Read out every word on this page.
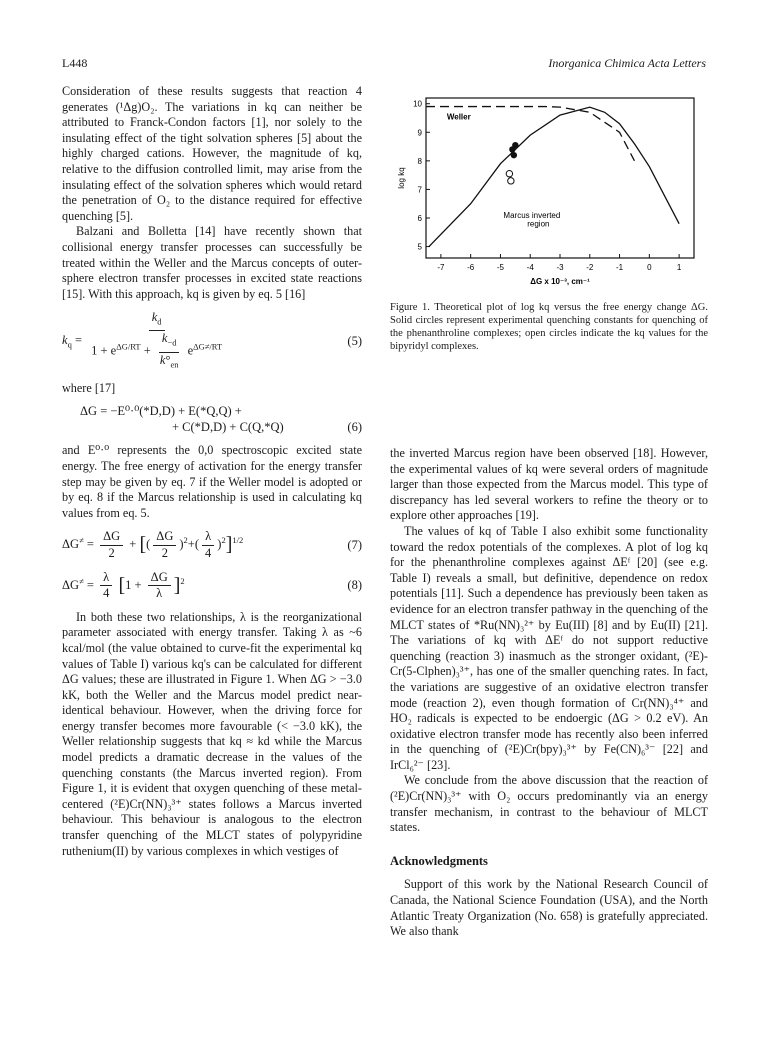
L448	Inorganica Chimica Acta Letters

Consideration of these results suggests that reaction 4 generates (¹Δg)O₂. The variations in kq can neither be attributed to Franck-Condon factors [1], nor solely to the insulating effect of the tight solvation spheres [5] about the highly charged cations. However, the magnitude of kq, relative to the diffusion controlled limit, may arise from the insulating effect of the solvation spheres which would retard the penetration of O₂ to the distance required for effective quenching [5].

Balzani and Bolletta [14] have recently shown that collisional energy transfer processes can successfully be treated within the Weller and the Marcus concepts of outer-sphere electron transfer processes in excited state reactions [15]. With this approach, kq is given by eq. 5 [16]

$k_q = \frac{k_d}{1 + e^{\Delta G/RT} + \frac{k_{-d}}{k^\circ_{en}} e^{\Delta G\ne/RT}}$	(5)

where [17]

ΔG = −E⁰·⁰(*D,D) + E(*Q,Q) +
+ C(*D,D) + C(Q,*Q)	(6)

and E⁰·⁰ represents the 0,0 spectroscopic excited state energy. The free energy of activation for the energy transfer step may be given by eq. 7 if the Weller model is adopted or by eq. 8 if the Marcus relationship is used in calculating kq values from eq. 5.

$\Delta G^\ne = \frac{\Delta G}{2}$ + [( $\frac{\Delta G}{2} )^2+( \frac{\lambda}{4} )^2]^{1/2}$	(7)
$\Delta G^\ne = \frac{\lambda}{4} [1 + \frac{\Delta G}{\lambda} ]^2$	(8)

In both these two relationships, λ is the reorganizational parameter associated with energy transfer. Taking λ as ~6 kcal/mol (the value obtained to curve-fit the experimental kq values of Table I) various kq's can be calculated for different ΔG values; these are illustrated in Figure 1. When ΔG > −3.0 kK, both the Weller and the Marcus model predict near-identical behaviour. However, when the driving force for energy transfer becomes more favourable (< −3.0 kK), the Weller relationship suggests that kq ≈ kd while the Marcus model predicts a dramatic decrease in the values of the quenching constants (the Marcus inverted region). From Figure 1, it is evident that oxygen quenching of these metal-centered (²E)Cr(NN)₃³⁺ states follows a Marcus inverted behaviour. This behaviour is analogous to the electron transfer quenching of the MLCT states of polypyridine ruthenium(II) by various complexes in which vestiges of

-7	-6	-5	-4	-3	-2	-1	0	1
5
6
7
8
9
10
Weller
Marcus inverted
region
log kq
ΔG x 10⁻³, cm⁻¹
Figure 1. Theoretical plot of log kq versus the free energy change ΔG. Solid circles represent experimental quenching constants for quenching of the phenanthroline complexes; open circles indicate the kq values for the bipyridyl complexes.

the inverted Marcus region have been observed [18]. However, the experimental values of kq were several orders of magnitude larger than those expected from the Marcus model. This type of discrepancy has led several workers to refine the theory or to explore other approaches [19].

The values of kq of Table I also exhibit some functionality toward the redox potentials of the complexes. A plot of log kq for the phenanthroline complexes against ΔEᶠ [20] (see e.g. Table I) reveals a small, but definitive, dependence on redox potentials [11]. Such a dependence has previously been taken as evidence for an electron transfer pathway in the quenching of the MLCT states of *Ru(NN)₃²⁺ by Eu(III) [8] and by Eu(II) [21]. The variations of kq with ΔEᶠ do not support reductive quenching (reaction 3) inasmuch as the stronger oxidant, (²E)-Cr(5-Clphen)₃³⁺, has one of the smaller quenching rates. In fact, the variations are suggestive of an oxidative electron transfer mode (reaction 2), even though formation of Cr(NN)₃⁴⁺ and HO₂ radicals is expected to be endoergic (ΔG > 0.2 eV). An oxidative electron transfer mode has recently also been inferred in the quenching of (²E)Cr(bpy)₃³⁺ by Fe(CN)₆³⁻ [22] and IrCl₆²⁻ [23].

We conclude from the above discussion that the reaction of (²E)Cr(NN)₃³⁺ with O₂ occurs predominantly via an energy transfer mechanism, in contrast to the behaviour of MLCT states.

Acknowledgments

Support of this work by the National Research Council of Canada, the National Science Foundation (USA), and the North Atlantic Treaty Organization (No. 658) is gratefully appreciated. We also thank
